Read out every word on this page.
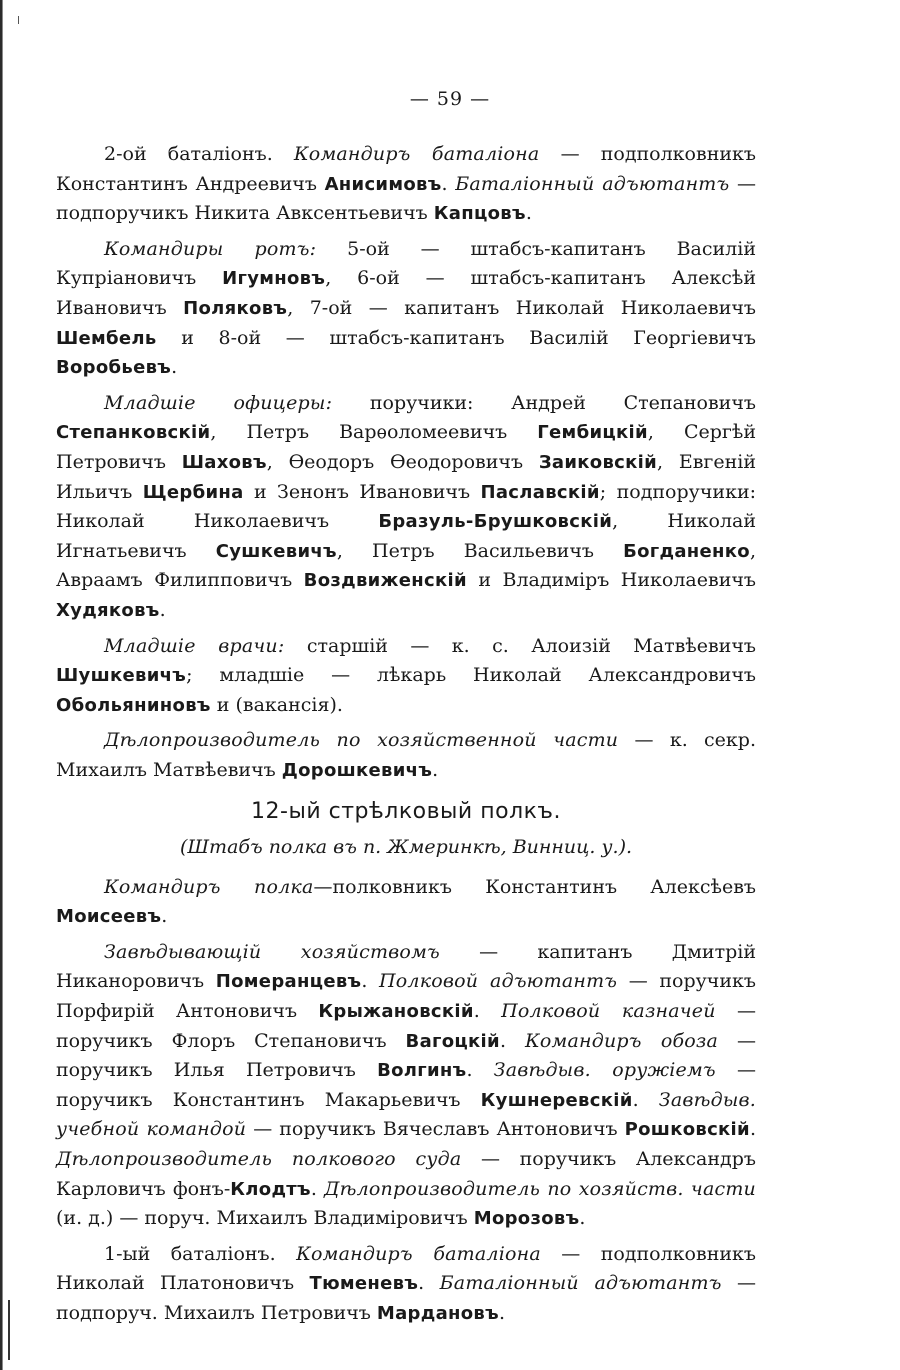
— 59 —

2-ой баталіонъ. Командиръ баталіона — подполковникъ Константинъ Андреевичъ Анисимовъ. Баталіонный адъютантъ — подпоручикъ Никита Авксентьевичъ Капцовъ.

Командиры ротъ: 5-ой — штабсъ-капитанъ Василій Купріановичъ Игумновъ, 6-ой — штабсъ-капитанъ Алексѣй Ивановичъ Поляковъ, 7-ой — капитанъ Николай Николаевичъ Шембель и 8-ой — штабсъ-капитанъ Василій Георгіевичъ Воробьевъ.

Младшіе офицеры: поручики: Андрей Степановичъ Степанковскій, Петръ Варѳоломеевичъ Гембицкій, Сергѣй Петровичъ Шаховъ, Ѳеодоръ Ѳеодоровичъ Заиковскій, Евгеній Ильичъ Щербина и Зенонъ Ивановичъ Паславскій; подпоручики: Николай Николаевичъ Бразуль-Брушковскій, Николай Игнатьевичъ Сушкевичъ, Петръ Васильевичъ Богданенко, Авраамъ Филипповичъ Воздвиженскій и Владиміръ Николаевичъ Худяковъ.

Младшіе врачи: старшій — к. с. Алоизій Матвѣевичъ Шушкевичъ; младшіе — лѣкарь Николай Александровичъ Обольяниновъ и (вакансія).

Дѣлопроизводитель по хозяйственной части — к. секр. Михаилъ Матвѣевичъ Дорошкевичъ.

12-ый стрѣлковый полкъ.

(Штабъ полка въ п. Жмеринкѣ, Винниц. у.).

Командиръ полка—полковникъ Константинъ Алексѣевъ Моисеевъ.

Завѣдывающій хозяйствомъ — капитанъ Дмитрій Никаноровичъ Померанцевъ. Полковой адъютантъ — поручикъ Порфирій Антоновичъ Крыжановскій. Полковой казначей — поручикъ Флоръ Степановичъ Вагоцкій. Командиръ обоза — поручикъ Илья Петровичъ Волгинъ. Завѣдыв. оружіемъ — поручикъ Константинъ Макарьевичъ Кушнеревскій. Завѣдыв. учебной командой — поручикъ Вячеславъ Антоновичъ Рошковскій. Дѣлопроизводитель полкового суда — поручикъ Александръ Карловичъ фонъ-Клодтъ. Дѣлопроизводитель по хозяйств. части (и. д.) — поруч. Михаилъ Владиміровичъ Морозовъ.

1-ый баталіонъ. Командиръ баталіона — подполковникъ Николай Платоновичъ Тюменевъ. Баталіонный адъютантъ — подпоруч. Михаилъ Петровичъ Мардановъ.
